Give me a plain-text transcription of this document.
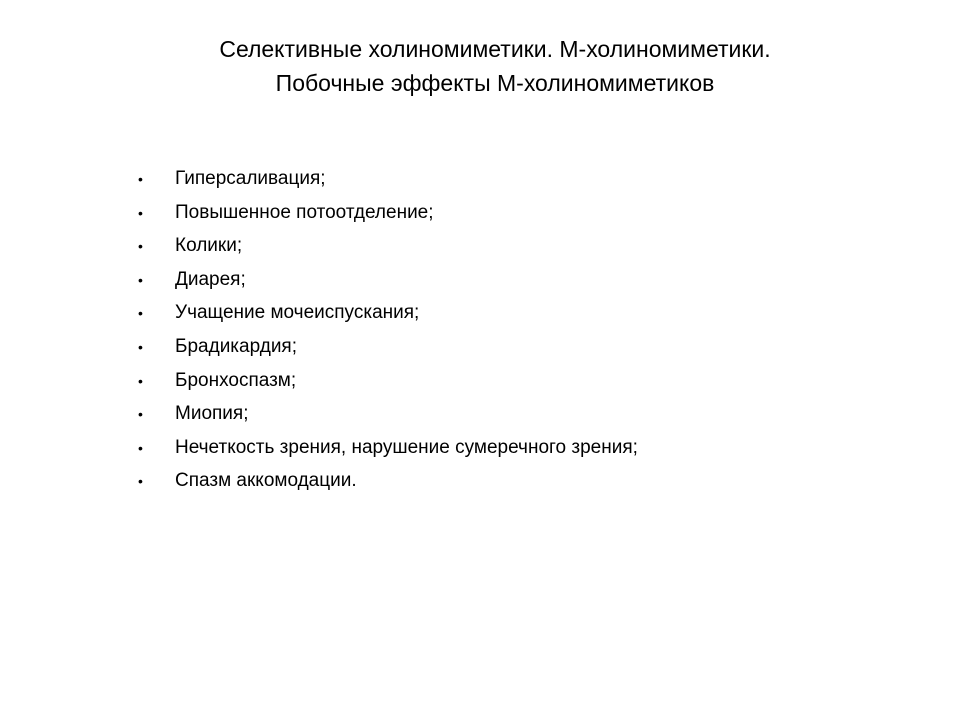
Селективные холиномиметики. М-холиномиметики.
Побочные эффекты М-холиномиметиков
• Гиперсаливация;
• Повышенное потоотделение;
• Колики;
• Диарея;
• Учащение мочеиспускания;
• Брадикардия;
• Бронхоспазм;
• Миопия;
• Нечеткость зрения, нарушение сумеречного зрения;
• Спазм аккомодации.
